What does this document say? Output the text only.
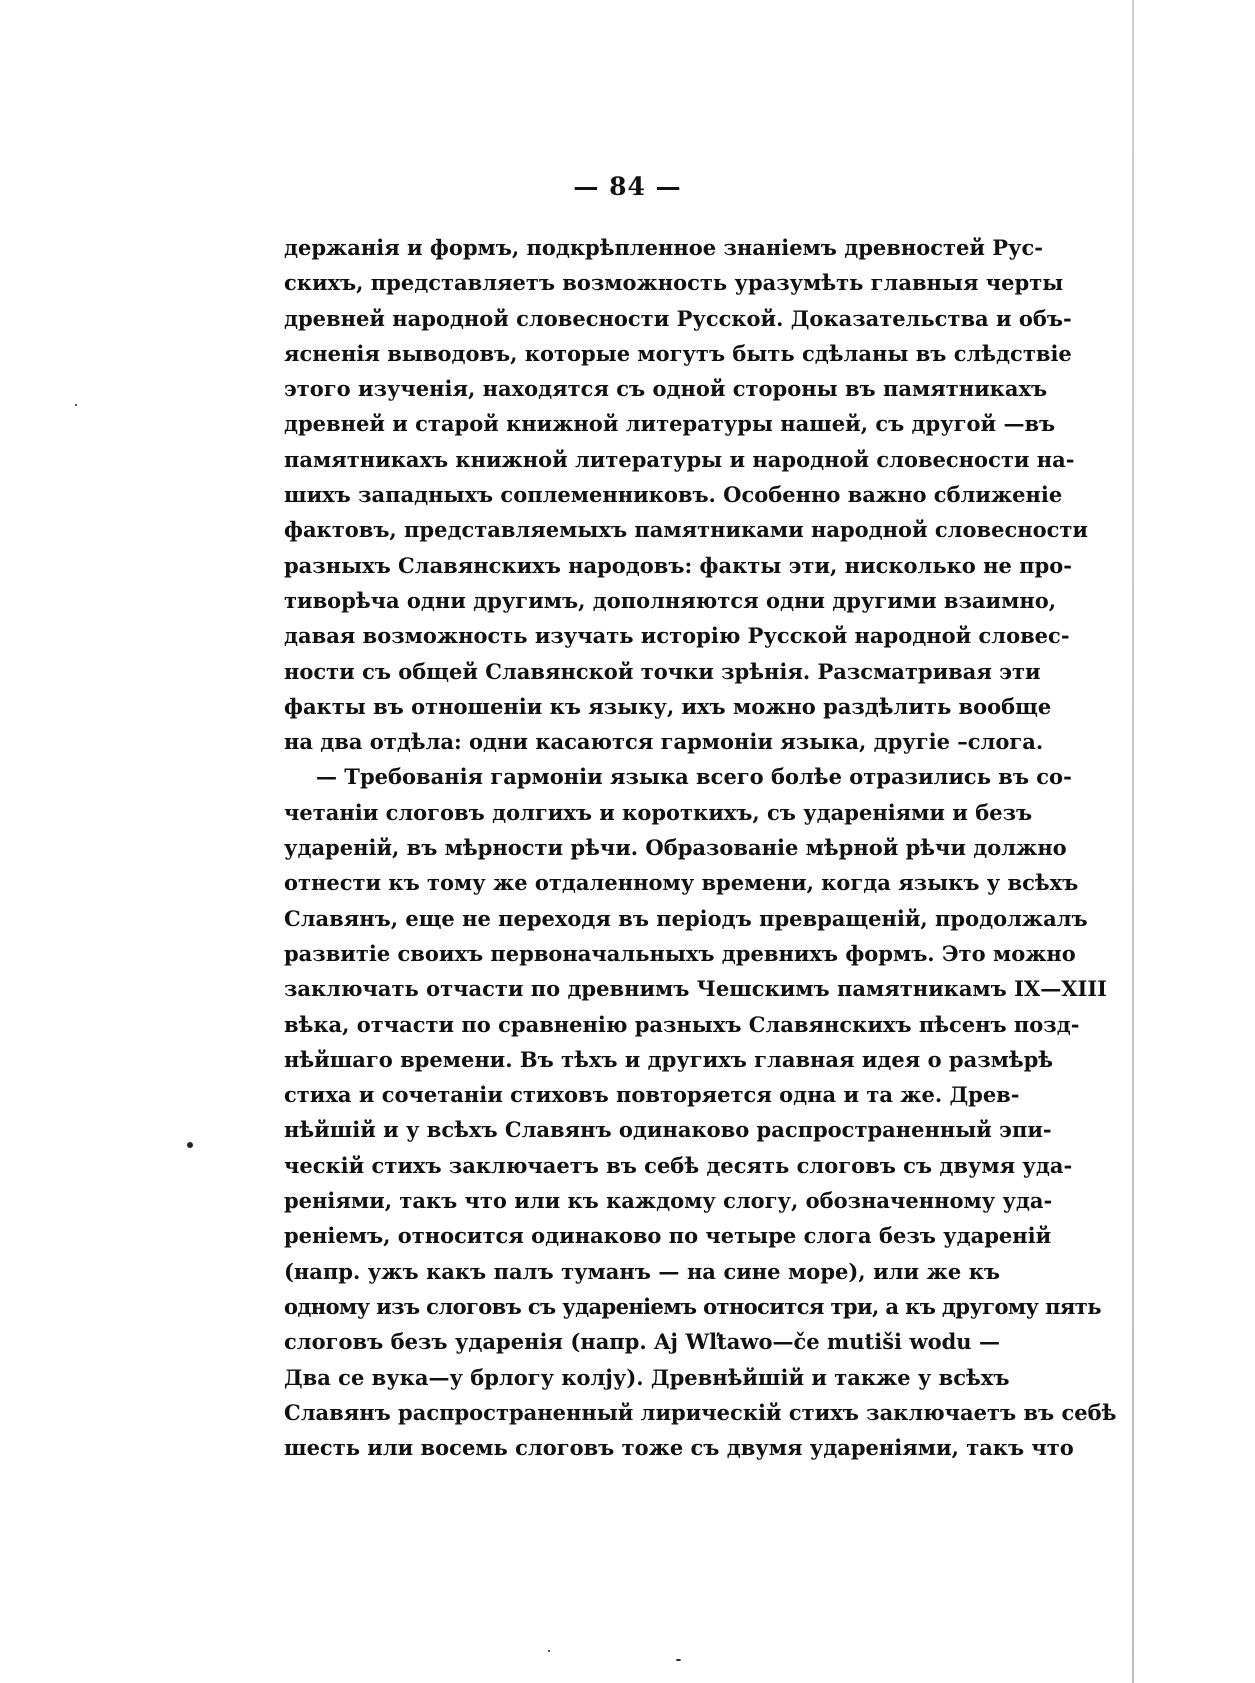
— 84 —
держанія и формъ, подкрѣпленное знаніемъ древностей Рус-
скихъ, представляетъ возможность уразумѣть главныя черты
древней народной словесности Русской. Доказательства и объ-
ясненія выводовъ, которые могутъ быть сдѣланы въ слѣдствіе
этого изученія, находятся съ одной стороны въ памятникахъ
древней и старой книжной литературы нашей, съ другой —въ
памятникахъ книжной литературы и народной словесности на-
шихъ западныхъ соплеменниковъ. Особенно важно сближеніе
фактовъ, представляемыхъ памятниками народной словесности
разныхъ Славянскихъ народовъ: факты эти, нисколько не про-
тиворѣча одни другимъ, дополняются одни другими взаимно,
давая возможность изучать исторію Русской народной словес-
ности съ общей Славянской точки зрѣнія. Разсматривая эти
факты въ отношеніи къ языку, ихъ можно раздѣлить вообще
на два отдѣла: одни касаются гармоніи языка, другіе –слога.
— Требованія гармоніи языка всего болѣе отразились въ со-
четаніи слоговъ долгихъ и короткихъ, съ удареніями и безъ
удареній, въ мѣрности рѣчи. Образованіе мѣрной рѣчи должно
отнести къ тому же отдаленному времени, когда языкъ у всѣхъ
Славянъ, еще не переходя въ періодъ превращеній, продолжалъ
развитіе своихъ первоначальныхъ древнихъ формъ. Это можно
заключать отчасти по древнимъ Чешскимъ памятникамъ IX—XIII
вѣка, отчасти по сравненію разныхъ Славянскихъ пѣсенъ позд-
нѣйшаго времени. Въ тѣхъ и другихъ главная идея о размѣрѣ
стиха и сочетаніи стиховъ повторяется одна и та же. Древ-
нѣйшій и у всѣхъ Славянъ одинаково распространенный эпи-
ческій стихъ заключаетъ въ себѣ десять слоговъ съ двумя уда-
реніями, такъ что или къ каждому слогу, обозначенному уда-
реніемъ, относится одинаково по четыре слога безъ удареній
(напр. ужъ какъ палъ туманъ — на сине море), или же къ
одному изъ слоговъ съ удареніемъ относится три, а къ другому пять
слоговъ безъ ударенія (напр. Aj Wľtawo—če mutiši wodu —
Два се вука—у брлогу колју). Древнѣйшій и также у всѣхъ
Славянъ распространенный лирическій стихъ заключаетъ въ себѣ
шесть или восемь слоговъ тоже съ двумя удареніями, такъ что
